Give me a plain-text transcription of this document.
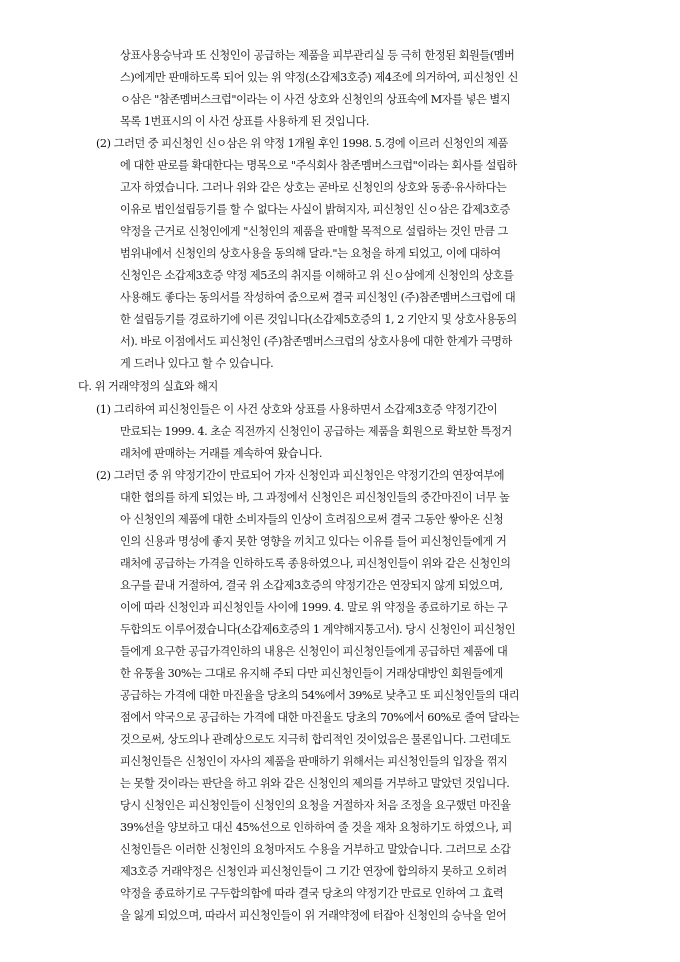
상표사용승낙과 또 신청인이 공급하는 제품을 피부관리실 등 극히 한정된 회원들(멤버
스)에게만 판매하도록 되어 있는 위 약정(소갑제3호증) 제4조에 의거하여, 피신청인 신
ㅇ삼은 "참존멤버스크럽"이라는 이 사건 상호와 신청인의 상표속에 M자를 넣은 별지
목록 1번표시의 이 사건 상표를 사용하게 된 것입니다.
(2) 그러던 중 피신청인 신ㅇ삼은 위 약정 1개월 후인 1998. 5.경에 이르러 신청인의 제품
에 대한 판로를 확대한다는 명목으로 "주식회사 참존멤버스크럽"이라는 회사를 설립하
고자 하였습니다. 그러나 위와 같은 상호는 곧바로 신청인의 상호와 동종·유사하다는
이유로 법인설립등기를 할 수 없다는 사실이 밝혀지자, 피신청인 신ㅇ삼은 갑제3호증
약정을 근거로 신청인에게 "신청인의 제품을 판매할 목적으로 설립하는 것인 만큼 그
범위내에서 신청인의 상호사용을 동의해 달라."는 요청을 하게 되었고, 이에 대하여
신청인은 소갑제3호증 약정 제5조의 취지를 이해하고 위 신ㅇ삼에게 신청인의 상호를
사용해도 좋다는 동의서를 작성하여 줌으로써 결국 피신청인 (주)참존멤버스크럽에 대
한 설립등기를 경료하기에 이른 것입니다(소갑제5호증의 1, 2 기안지 및 상호사용동의
서). 바로 이점에서도 피신청인 (주)참존멤버스크럽의 상호사용에 대한 한계가 극명하
게 드러나 있다고 할 수 있습니다.
다. 위 거래약정의 실효와 해지
(1) 그리하여 피신청인들은 이 사건 상호와 상표를 사용하면서 소갑제3호증 약정기간이
만료되는 1999. 4. 초순 직전까지 신청인이 공급하는 제품을 회원으로 확보한 특정거
래처에 판매하는 거래를 계속하여 왔습니다.
(2) 그러던 중 위 약정기간이 만료되어 가자 신청인과 피신청인은 약정기간의 연장여부에
대한 협의를 하게 되었는 바, 그 과정에서 신청인은 피신청인들의 중간마진이 너무 높
아 신청인의 제품에 대한 소비자들의 인상이 흐려짐으로써 결국 그동안 쌓아온 신청
인의 신용과 명성에 좋지 못한 영향을 끼치고 있다는 이유를 들어 피신청인들에게 거
래처에 공급하는 가격을 인하하도록 종용하였으나, 피신청인들이 위와 같은 신청인의
요구를 끝내 거절하여, 결국 위 소갑제3호증의 약정기간은 연장되지 않게 되었으며,
이에 따라 신청인과 피신청인들 사이에 1999. 4. 말로 위 약정을 종료하기로 하는 구
두합의도 이루어졌습니다(소갑제6호증의 1 계약해지통고서). 당시 신청인이 피신청인
들에게 요구한 공급가격인하의 내용은 신청인이 피신청인들에게 공급하던 제품에 대
한 유통율 30%는 그대로 유지해 주되 다만 피신청인들이 거래상대방인 회원들에게
공급하는 가격에 대한 마진율을 당초의 54%에서 39%로 낮추고 또 피신청인들의 대리
점에서 약국으로 공급하는 가격에 대한 마진율도 당초의 70%에서 60%로 줄여 달라는
것으로써, 상도의나 관례상으로도 지극히 합리적인 것이었음은 물론입니다. 그런데도
피신청인들은 신청인이 자사의 제품을 판매하기 위해서는 피신청인들의 입장을 꺾지
는 못할 것이라는 판단을 하고 위와 같은 신청인의 제의를 거부하고 말았던 것입니다.
당시 신청인은 피신청인들이 신청인의 요청을 거절하자 처음 조정을 요구했던 마진율
39%선을 양보하고 대신 45%선으로 인하하여 줄 것을 재차 요청하기도 하였으나, 피
신청인들은 이러한 신청인의 요청마저도 수용을 거부하고 말았습니다. 그러므로 소갑
제3호증 거래약정은 신청인과 피신청인들이 그 기간 연장에 합의하지 못하고 오히려
약정을 종료하기로 구두합의함에 따라 결국 당초의 약정기간 만료로 인하여 그 효력
을 잃게 되었으며, 따라서 피신청인들이 위 거래약정에 터잡아 신청인의 승낙을 얻어
